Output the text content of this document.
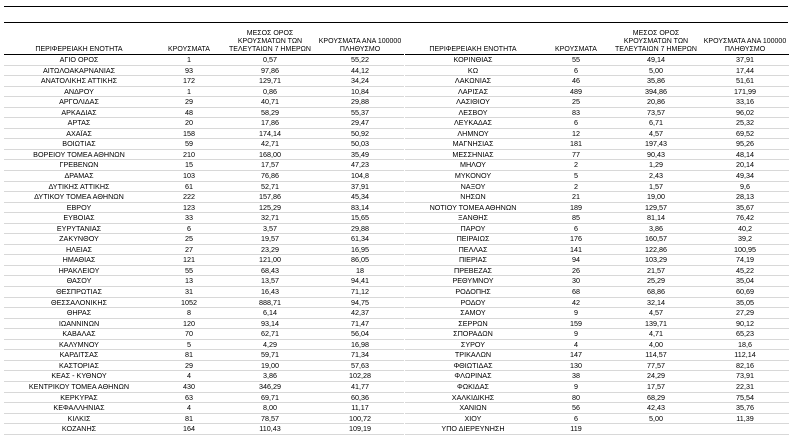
ΠΕΡΙΦΕΡΕΙΑΚΗ ΕΝΟΤΗΤΑ	ΚΡΟΥΣΜΑΤΑ	ΜΕΣΟΣ ΟΡΟΣ ΚΡΟΥΣΜΑΤΩΝ ΤΩΝ ΤΕΛΕΥΤΑΙΩΝ 7 ΗΜΕΡΩΝ	ΚΡΟΥΣΜΑΤΑ ΑΝΑ 100000 ΠΛΗΘΥΣΜΟ
ΑΓΙΟ ΟΡΟΣ	1	0,57	55,22
ΑΙΤΩΛΟΑΚΑΡΝΑΝΙΑΣ	93	97,86	44,12
ΑΝΑΤΟΛΙΚΗΣ ΑΤΤΙΚΗΣ	172	129,71	34,24
ΑΝΔΡΟΥ	1	0,86	10,84
ΑΡΓΟΛΙΔΑΣ	29	40,71	29,88
ΑΡΚΑΔΙΑΣ	48	58,29	55,37
ΑΡΤΑΣ	20	17,86	29,47
ΑΧΑΪΑΣ	158	174,14	50,92
ΒΟΙΩΤΙΑΣ	59	42,71	50,03
ΒΟΡΕΙΟΥ ΤΟΜΕΑ ΑΘΗΝΩΝ	210	168,00	35,49
ΓΡΕΒΕΝΩΝ	15	17,57	47,23
ΔΡΑΜΑΣ	103	76,86	104,8
ΔΥΤΙΚΗΣ ΑΤΤΙΚΗΣ	61	52,71	37,91
ΔΥΤΙΚΟΥ ΤΟΜΕΑ ΑΘΗΝΩΝ	222	157,86	45,34
ΕΒΡΟΥ	123	125,29	83,14
ΕΥΒΟΙΑΣ	33	32,71	15,65
ΕΥΡΥΤΑΝΙΑΣ	6	3,57	29,88
ΖΑΚΥΝΘΟΥ	25	19,57	61,34
ΗΛΕΙΑΣ	27	23,29	16,95
ΗΜΑΘΙΑΣ	121	121,00	86,05
ΗΡΑΚΛΕΙΟΥ	55	68,43	18
ΘΑΣΟΥ	13	13,57	94,41
ΘΕΣΠΡΩΤΙΑΣ	31	16,43	71,12
ΘΕΣΣΑΛΟΝΙΚΗΣ	1052	888,71	94,75
ΘΗΡΑΣ	8	6,14	42,37
ΙΩΑΝΝΙΝΩΝ	120	93,14	71,47
ΚΑΒΑΛΑΣ	70	62,71	56,04
ΚΑΛΥΜΝΟΥ	5	4,29	16,98
ΚΑΡΔΙΤΣΑΣ	81	59,71	71,34
ΚΑΣΤΟΡΙΑΣ	29	19,00	57,63
ΚΕΑΣ - ΚΥΘΝΟΥ	4	3,86	102,28
ΚΕΝΤΡΙΚΟΥ ΤΟΜΕΑ ΑΘΗΝΩΝ	430	346,29	41,77
ΚΕΡΚΥΡΑΣ	63	69,71	60,36
ΚΕΦΑΛΛΗΝΙΑΣ	4	8,00	11,17
ΚΙΛΚΙΣ	81	78,57	100,72
ΚΟΖΑΝΗΣ	164	110,43	109,19
ΠΕΡΙΦΕΡΕΙΑΚΗ ΕΝΟΤΗΤΑ	ΚΡΟΥΣΜΑΤΑ	ΜΕΣΟΣ ΟΡΟΣ ΚΡΟΥΣΜΑΤΩΝ ΤΩΝ ΤΕΛΕΥΤΑΙΩΝ 7 ΗΜΕΡΩΝ	ΚΡΟΥΣΜΑΤΑ ΑΝΑ 100000 ΠΛΗΘΥΣΜΟ
ΚΟΡΙΝΘΙΑΣ	55	49,14	37,91
ΚΩ	6	5,00	17,44
ΛΑΚΩΝΙΑΣ	46	35,86	51,61
ΛΑΡΙΣΑΣ	489	394,86	171,99
ΛΑΣΙΘΙΟΥ	25	20,86	33,16
ΛΕΣΒΟΥ	83	73,57	96,02
ΛΕΥΚΑΔΑΣ	6	6,71	25,32
ΛΗΜΝΟΥ	12	4,57	69,52
ΜΑΓΝΗΣΙΑΣ	181	197,43	95,26
ΜΕΣΣΗΝΙΑΣ	77	90,43	48,14
ΜΗΛΟΥ	2	1,29	20,14
ΜΥΚΟΝΟΥ	5	2,43	49,34
ΝΑΞΟΥ	2	1,57	9,6
ΝΗΣΩΝ	21	19,00	28,13
ΝΟΤΙΟΥ ΤΟΜΕΑ ΑΘΗΝΩΝ	189	129,57	35,67
ΞΑΝΘΗΣ	85	81,14	76,42
ΠΑΡΟΥ	6	3,86	40,2
ΠΕΙΡΑΙΩΣ	176	160,57	39,2
ΠΕΛΛΑΣ	141	122,86	100,95
ΠΙΕΡΙΑΣ	94	103,29	74,19
ΠΡΕΒΕΖΑΣ	26	21,57	45,22
ΡΕΘΥΜΝΟΥ	30	25,29	35,04
ΡΟΔΟΠΗΣ	68	68,86	60,69
ΡΟΔΟΥ	42	32,14	35,05
ΣΑΜΟΥ	9	4,57	27,29
ΣΕΡΡΩΝ	159	139,71	90,12
ΣΠΟΡΑΔΩΝ	9	4,71	65,23
ΣΥΡΟΥ	4	4,00	18,6
ΤΡΙΚΑΛΩΝ	147	114,57	112,14
ΦΘΙΩΤΙΔΑΣ	130	77,57	82,16
ΦΛΩΡΙΝΑΣ	38	24,29	73,91
ΦΩΚΙΔΑΣ	9	17,57	22,31
ΧΑΛΚΙΔΙΚΗΣ	80	68,29	75,54
ΧΑΝΙΩΝ	56	42,43	35,76
ΧΙΟΥ	6	5,00	11,39
ΥΠΟ ΔΙΕΡΕΥΝΗΣΗ	119		
